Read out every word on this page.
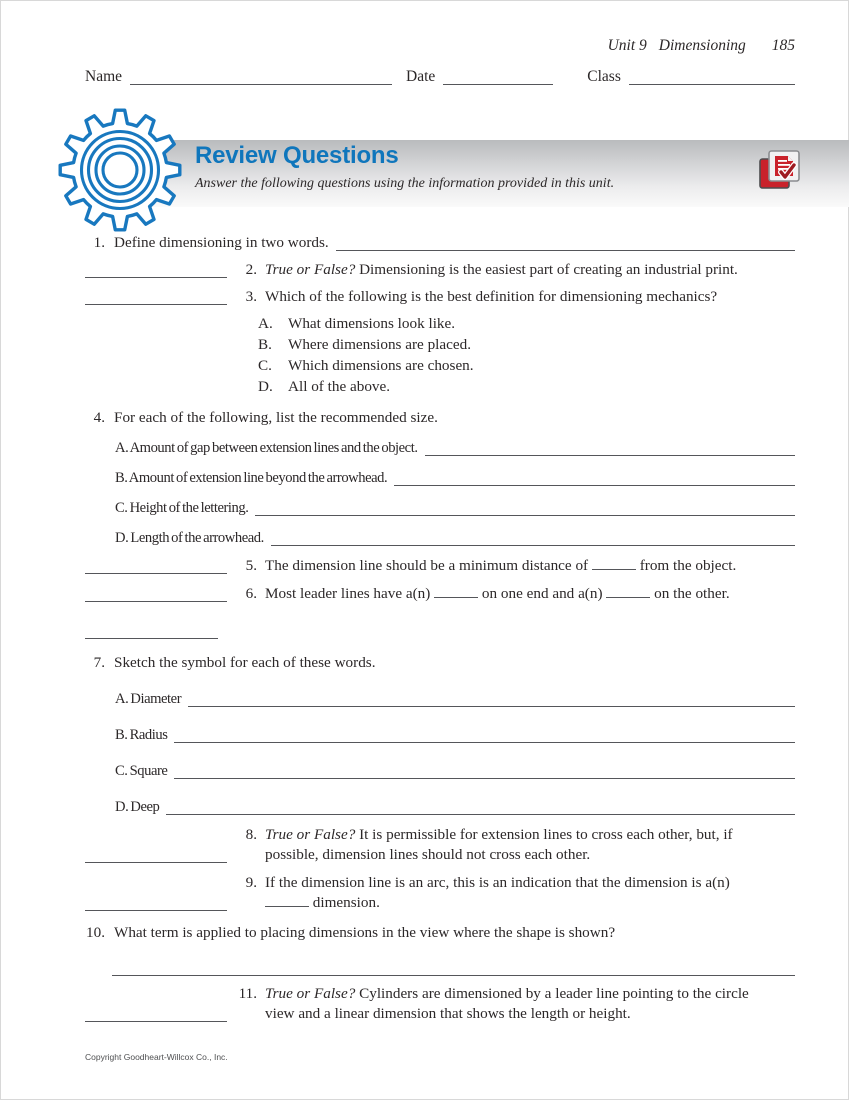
Unit 9 Dimensioning 185
Name	Date	Class
Review Questions
Answer the following questions using the information provided in this unit.
1. Define dimensioning in two words.
2. True or False? Dimensioning is the easiest part of creating an industrial print.
3. Which of the following is the best definition for dimensioning mechanics?
A.	What dimensions look like.
B.	Where dimensions are placed.
C.	Which dimensions are chosen.
D.	All of the above.
4. For each of the following, list the recommended size.
A. Amount of gap between extension lines and the object.
B. Amount of extension line beyond the arrowhead.
C. Height of the lettering.
D. Length of the arrowhead.
5. The dimension line should be a minimum distance of	from the object.
6. Most leader lines have a(n)	on one end and a(n)	on the other.
7. Sketch the symbol for each of these words.
A. Diameter
B. Radius
C. Square
D. Deep
8. True or False? It is permissible for extension lines to cross each other, but, if possible, dimension lines should not cross each other.
9. If the dimension line is an arc, this is an indication that the dimension is a(n)  dimension.
10. What term is applied to placing dimensions in the view where the shape is shown?
11. True or False? Cylinders are dimensioned by a leader line pointing to the circle view and a linear dimension that shows the length or height.
Copyright Goodheart-Willcox Co., Inc.
